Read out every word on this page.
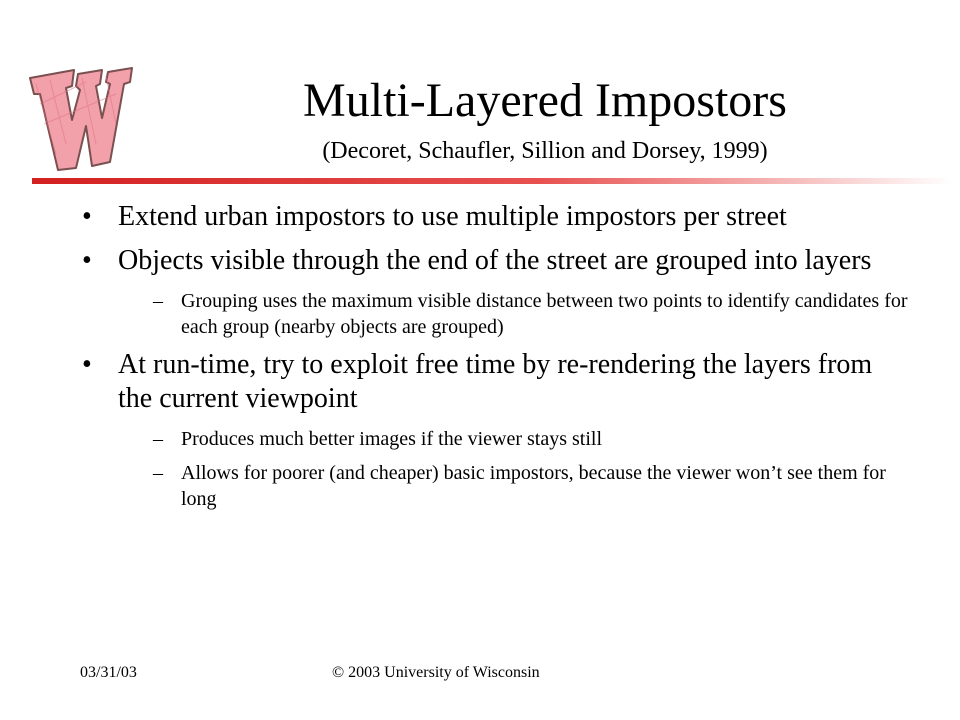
Multi-Layered Impostors
(Decoret, Schaufler, Sillion and Dorsey, 1999)
• Extend urban impostors to use multiple impostors per street
• Objects visible through the end of the street are grouped into layers
– Grouping uses the maximum visible distance between two points to identify candidates for each group (nearby objects are grouped)
• At run-time, try to exploit free time by re-rendering the layers from the current viewpoint
– Produces much better images if the viewer stays still
– Allows for poorer (and cheaper) basic impostors, because the viewer won’t see them for long
03/31/03	© 2003 University of Wisconsin
